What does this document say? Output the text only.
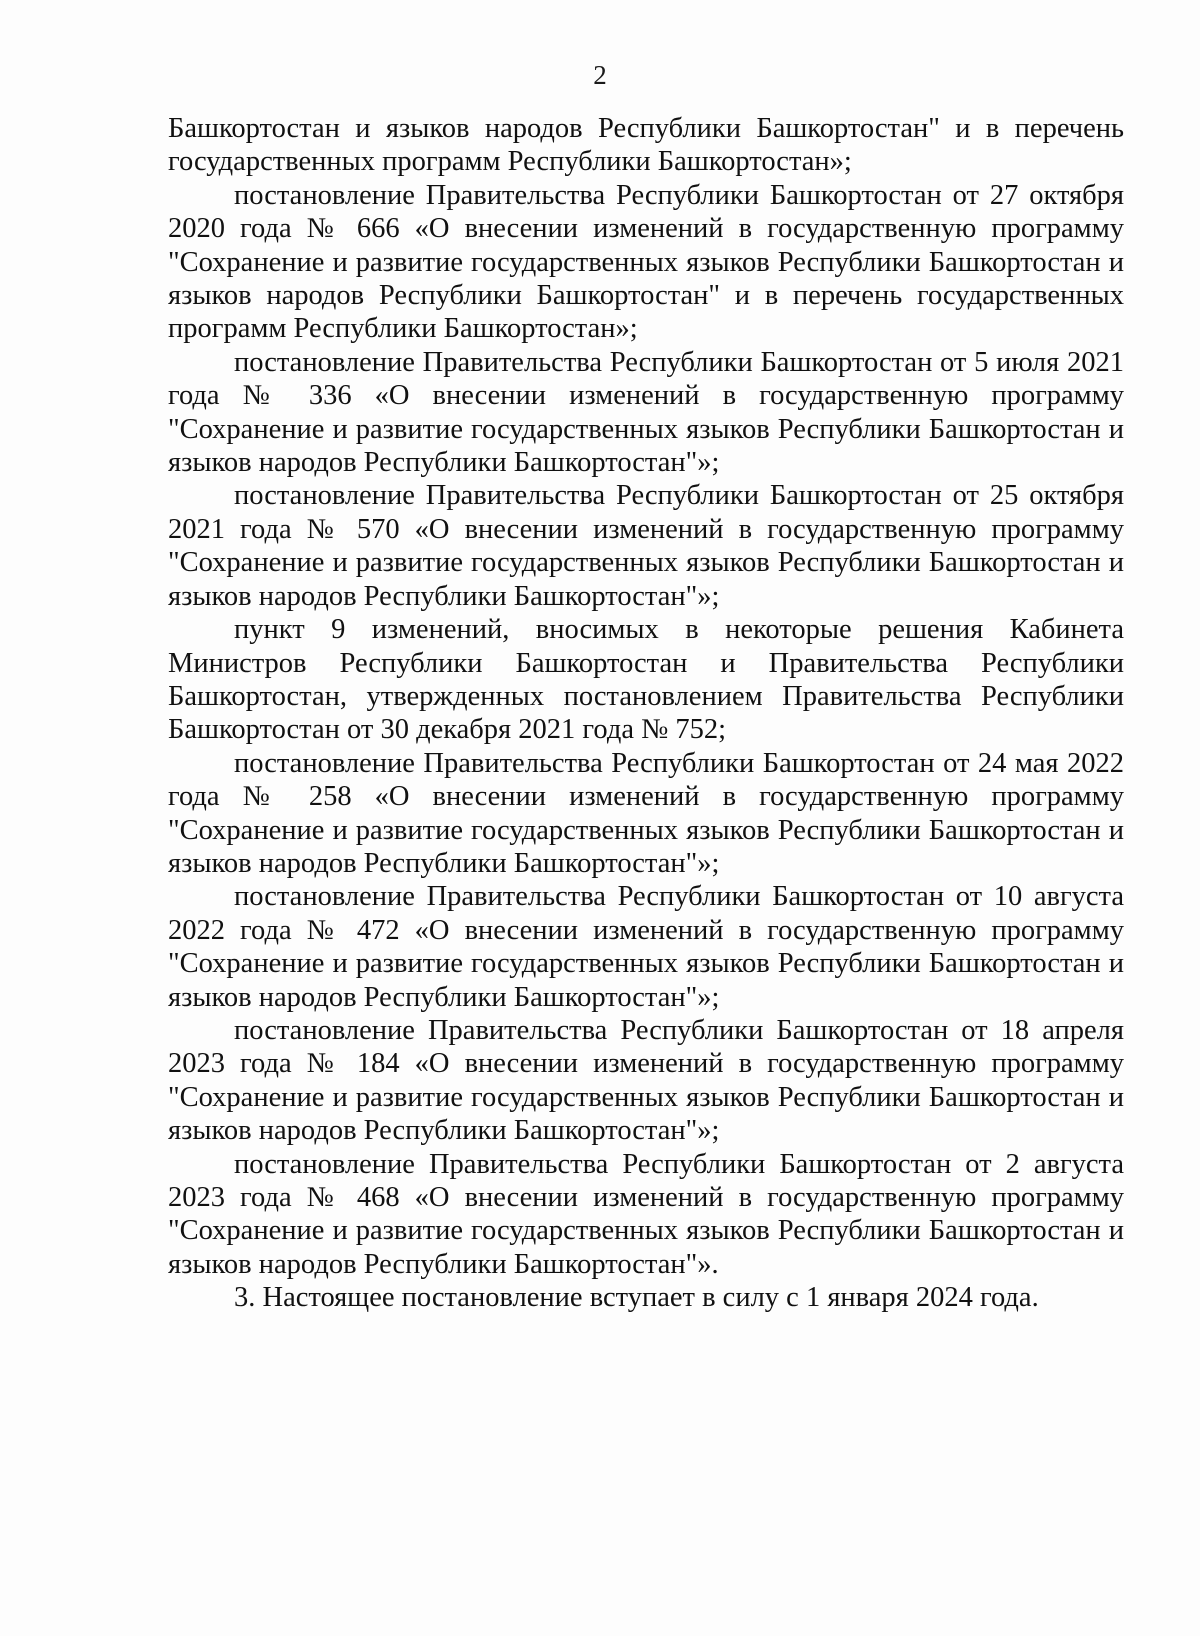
2

Башкортостан и языков народов Республики Башкортостан" и в перечень государственных программ Республики Башкортостан»;

постановление Правительства Республики Башкортостан от 27 октября 2020 года № 666 «О внесении изменений в государственную программу "Сохранение и развитие государственных языков Республики Башкортостан и языков народов Республики Башкортостан" и в перечень государственных программ Республики Башкортостан»;

постановление Правительства Республики Башкортостан от 5 июля 2021 года № 336 «О внесении изменений в государственную программу "Сохранение и развитие государственных языков Республики Башкортостан и языков народов Республики Башкортостан"»;

постановление Правительства Республики Башкортостан от 25 октября 2021 года № 570 «О внесении изменений в государственную программу "Сохранение и развитие государственных языков Республики Башкортостан и языков народов Республики Башкортостан"»;

пункт 9 изменений, вносимых в некоторые решения Кабинета Министров Республики Башкортостан и Правительства Республики Башкортостан, утвержденных постановлением Правительства Республики Башкортостан от 30 декабря 2021 года № 752;

постановление Правительства Республики Башкортостан от 24 мая 2022 года № 258 «О внесении изменений в государственную программу "Сохранение и развитие государственных языков Республики Башкортостан и языков народов Республики Башкортостан"»;

постановление Правительства Республики Башкортостан от 10 августа 2022 года № 472 «О внесении изменений в государственную программу "Сохранение и развитие государственных языков Республики Башкортостан и языков народов Республики Башкортостан"»;

постановление Правительства Республики Башкортостан от 18 апреля 2023 года № 184 «О внесении изменений в государственную программу "Сохранение и развитие государственных языков Республики Башкортостан и языков народов Республики Башкортостан"»;

постановление Правительства Республики Башкортостан от 2 августа 2023 года № 468 «О внесении изменений в государственную программу "Сохранение и развитие государственных языков Республики Башкортостан и языков народов Республики Башкортостан"».

3. Настоящее постановление вступает в силу с 1 января 2024 года.
